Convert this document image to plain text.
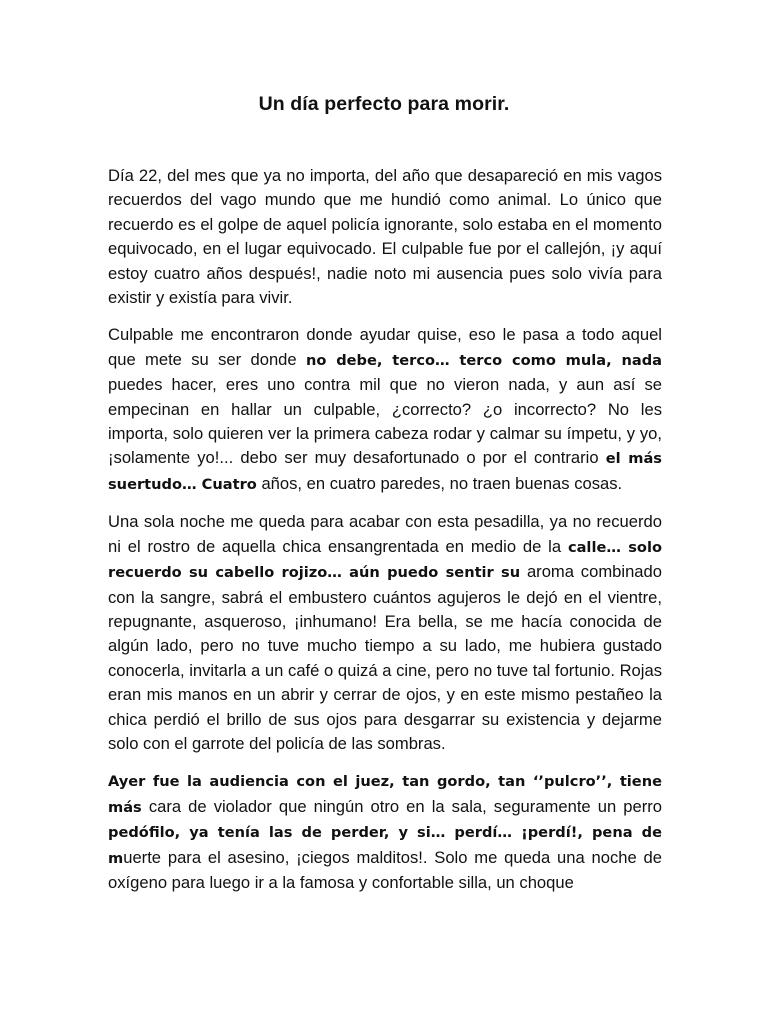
Un día perfecto para morir.

Día 22, del mes que ya no importa, del año que desapareció en mis vagos recuerdos del vago mundo que me hundió como animal. Lo único que recuerdo es el golpe de aquel policía ignorante, solo estaba en el momento equivocado, en el lugar equivocado. El culpable fue por el callejón, ¡y aquí estoy cuatro años después!, nadie noto mi ausencia pues solo vivía para existir y existía para vivir.

Culpable me encontraron donde ayudar quise, eso le pasa a todo aquel que mete su ser donde no debe, terco… terco como mula, nada puedes hacer, eres uno contra mil que no vieron nada, y aun así se empecinan en hallar un culpable, ¿correcto? ¿o incorrecto? No les importa, solo quieren ver la primera cabeza rodar y calmar su ímpetu, y yo, ¡solamente yo!... debo ser muy desafortunado o por el contrario el más suertudo… Cuatro años, en cuatro paredes, no traen buenas cosas.

Una sola noche me queda para acabar con esta pesadilla, ya no recuerdo ni el rostro de aquella chica ensangrentada en medio de la calle… solo recuerdo su cabello rojizo… aún puedo sentir su aroma combinado con la sangre, sabrá el embustero cuántos agujeros le dejó en el vientre, repugnante, asqueroso, ¡inhumano! Era bella, se me hacía conocida de algún lado, pero no tuve mucho tiempo a su lado, me hubiera gustado conocerla, invitarla a un café o quizá a cine, pero no tuve tal fortunio. Rojas eran mis manos en un abrir y cerrar de ojos, y en este mismo pestañeo la chica perdió el brillo de sus ojos para desgarrar su existencia y dejarme solo con el garrote del policía de las sombras.

Ayer fue la audiencia con el juez, tan gordo, tan ‘’pulcro’’, tiene más cara de violador que ningún otro en la sala, seguramente un perro pedófilo, ya tenía las de perder, y si… perdí… ¡perdí!, pena de muerte para el asesino, ¡ciegos malditos!. Solo me queda una noche de oxígeno para luego ir a la famosa y confortable silla, un choque
